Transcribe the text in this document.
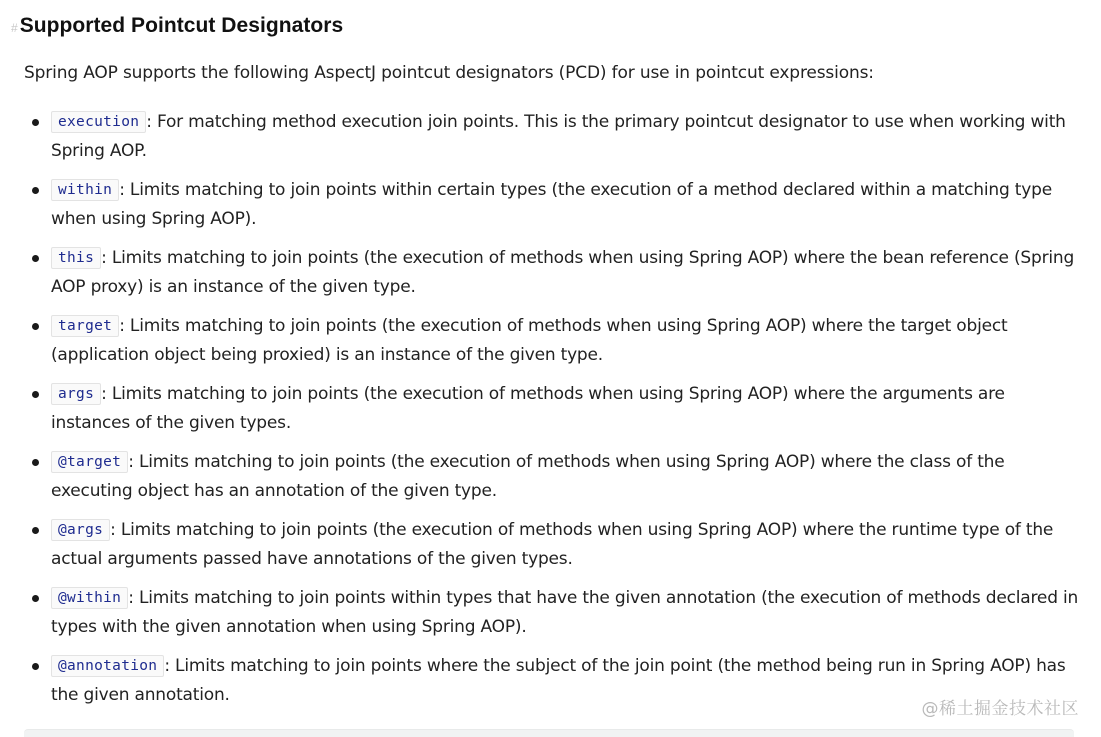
# Supported Pointcut Designators

Spring AOP supports the following AspectJ pointcut designators (PCD) for use in pointcut expressions:

execution : For matching method execution join points. This is the primary pointcut designator to use when working with Spring AOP.
within : Limits matching to join points within certain types (the execution of a method declared within a matching type when using Spring AOP).
this : Limits matching to join points (the execution of methods when using Spring AOP) where the bean reference (Spring AOP proxy) is an instance of the given type.
target : Limits matching to join points (the execution of methods when using Spring AOP) where the target object (application object being proxied) is an instance of the given type.
args : Limits matching to join points (the execution of methods when using Spring AOP) where the arguments are instances of the given types.
@target : Limits matching to join points (the execution of methods when using Spring AOP) where the class of the executing object has an annotation of the given type.
@args : Limits matching to join points (the execution of methods when using Spring AOP) where the runtime type of the actual arguments passed have annotations of the given types.
@within : Limits matching to join points within types that have the given annotation (the execution of methods declared in types with the given annotation when using Spring AOP).
@annotation : Limits matching to join points where the subject of the join point (the method being run in Spring AOP) has the given annotation.
@稀土掘金技术社区
